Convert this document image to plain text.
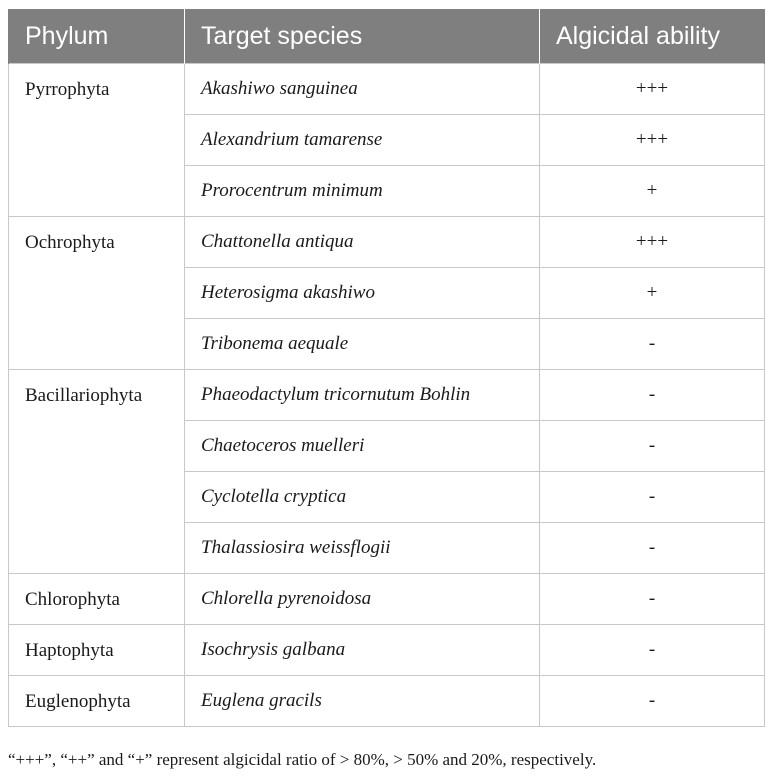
Phylum	Target species	Algicidal ability

Pyrrophyta	Akashiwo sanguinea	+++
	Alexandrium tamarense	+++
	Prorocentrum minimum	+

Ochrophyta	Chattonella antiqua	+++
	Heterosigma akashiwo	+
	Tribonema aequale	-

Bacillariophyta	Phaeodactylum tricornutum Bohlin	-
	Chaetoceros muelleri	-
	Cyclotella cryptica	-
	Thalassiosira weissflogii	-

Chlorophyta	Chlorella pyrenoidosa	-

Haptophyta	Isochrysis galbana	-

Euglenophyta	Euglena gracils	-
“+++”, “++” and “+” represent algicidal ratio of > 80%, > 50% and 20%, respectively.
